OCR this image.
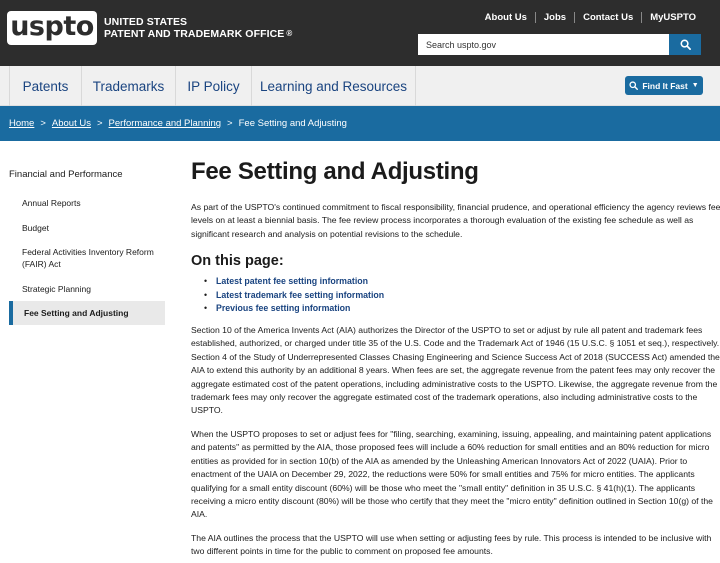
uspto UNITED STATES
PATENT AND TRADEMARK OFFICE ®
About Us	Jobs	Contact Us	MyUSPTO
Search uspto.gov
Patents	Trademarks	IP Policy	Learning and Resources	Find It Fast ▼
Home > About Us > Performance and Planning > Fee Setting and Adjusting
Financial and Performance
Annual Reports
Budget
Federal Activities Inventory Reform (FAIR) Act
Strategic Planning
Fee Setting and Adjusting
Fee Setting and Adjusting

As part of the USPTO's continued commitment to fiscal responsibility, financial prudence, and operational efficiency the agency reviews fee levels on at least a biennial basis. The fee review process incorporates a thorough evaluation of the existing fee schedule as well as significant research and analysis on potential revisions to the schedule.

On this page:
• Latest patent fee setting information
• Latest trademark fee setting information
• Previous fee setting information

Section 10 of the America Invents Act (AIA) authorizes the Director of the USPTO to set or adjust by rule all patent and trademark fees established, authorized, or charged under title 35 of the U.S. Code and the Trademark Act of 1946 (15 U.S.C. § 1051 et seq.), respectively. Section 4 of the Study of Underrepresented Classes Chasing Engineering and Science Success Act of 2018 (SUCCESS Act) amended the AIA to extend this authority by an additional 8 years. When fees are set, the aggregate revenue from the patent fees may only recover the aggregate estimated cost of the patent operations, including administrative costs to the USPTO. Likewise, the aggregate revenue from the trademark fees may only recover the aggregate estimated cost of the trademark operations, also including administrative costs to the USPTO.

When the USPTO proposes to set or adjust fees for "filing, searching, examining, issuing, appealing, and maintaining patent applications and patents" as permitted by the AIA, those proposed fees will include a 60% reduction for small entities and an 80% reduction for micro entities as provided for in section 10(b) of the AIA as amended by the Unleashing American Innovators Act of 2022 (UAIA). Prior to enactment of the UAIA on December 29, 2022, the reductions were 50% for small entities and 75% for micro entities. The applicants qualifying for a small entity discount (60%) will be those who meet the "small entity" definition in 35 U.S.C. § 41(h)(1). The applicants receiving a micro entity discount (80%) will be those who certify that they meet the "micro entity" definition outlined in Section 10(g) of the AIA.

The AIA outlines the process that the USPTO will use when setting or adjusting fees by rule. This process is intended to be inclusive with two different points in time for the public to comment on proposed fee amounts.
